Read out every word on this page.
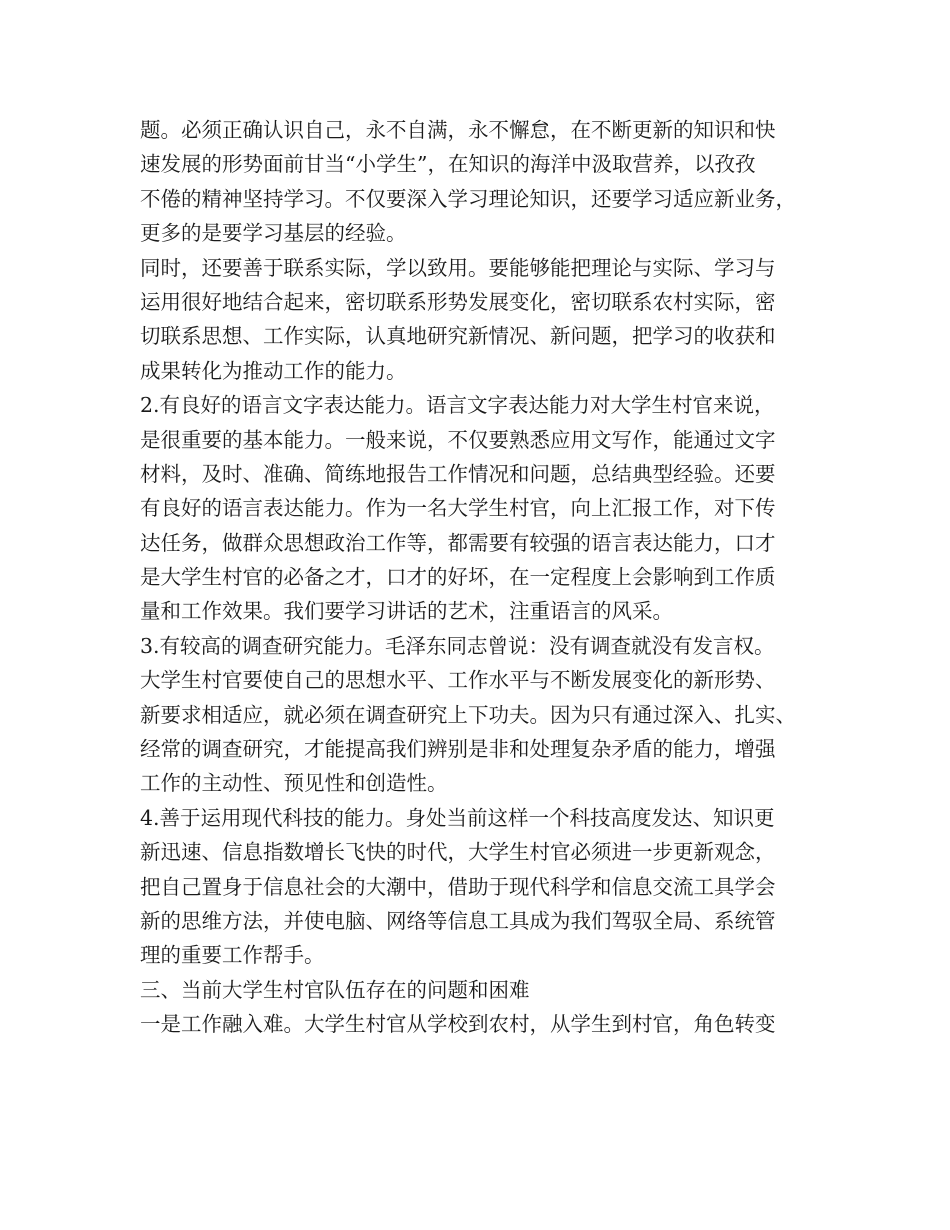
题。必须正确认识自己，永不自满，永不懈怠，在不断更新的知识和快
速发展的形势面前甘当“小学生”，在知识的海洋中汲取营养，以孜孜
不倦的精神坚持学习。不仅要深入学习理论知识，还要学习适应新业务，
更多的是要学习基层的经验。
同时，还要善于联系实际，学以致用。要能够能把理论与实际、学习与
运用很好地结合起来，密切联系形势发展变化，密切联系农村实际，密
切联系思想、工作实际，认真地研究新情况、新问题，把学习的收获和
成果转化为推动工作的能力。
2.有良好的语言文字表达能力。语言文字表达能力对大学生村官来说，
是很重要的基本能力。一般来说，不仅要熟悉应用文写作，能通过文字
材料，及时、准确、简练地报告工作情况和问题，总结典型经验。还要
有良好的语言表达能力。作为一名大学生村官，向上汇报工作，对下传
达任务，做群众思想政治工作等，都需要有较强的语言表达能力，口才
是大学生村官的必备之才，口才的好坏，在一定程度上会影响到工作质
量和工作效果。我们要学习讲话的艺术，注重语言的风采。
3.有较高的调查研究能力。毛泽东同志曾说：没有调查就没有发言权。
大学生村官要使自己的思想水平、工作水平与不断发展变化的新形势、
新要求相适应，就必须在调查研究上下功夫。因为只有通过深入、扎实、
经常的调查研究，才能提高我们辨别是非和处理复杂矛盾的能力，增强
工作的主动性、预见性和创造性。
4.善于运用现代科技的能力。身处当前这样一个科技高度发达、知识更
新迅速、信息指数增长飞快的时代，大学生村官必须进一步更新观念，
把自己置身于信息社会的大潮中，借助于现代科学和信息交流工具学会
新的思维方法，并使电脑、网络等信息工具成为我们驾驭全局、系统管
理的重要工作帮手。
三、当前大学生村官队伍存在的问题和困难
一是工作融入难。大学生村官从学校到农村，从学生到村官，角色转变
